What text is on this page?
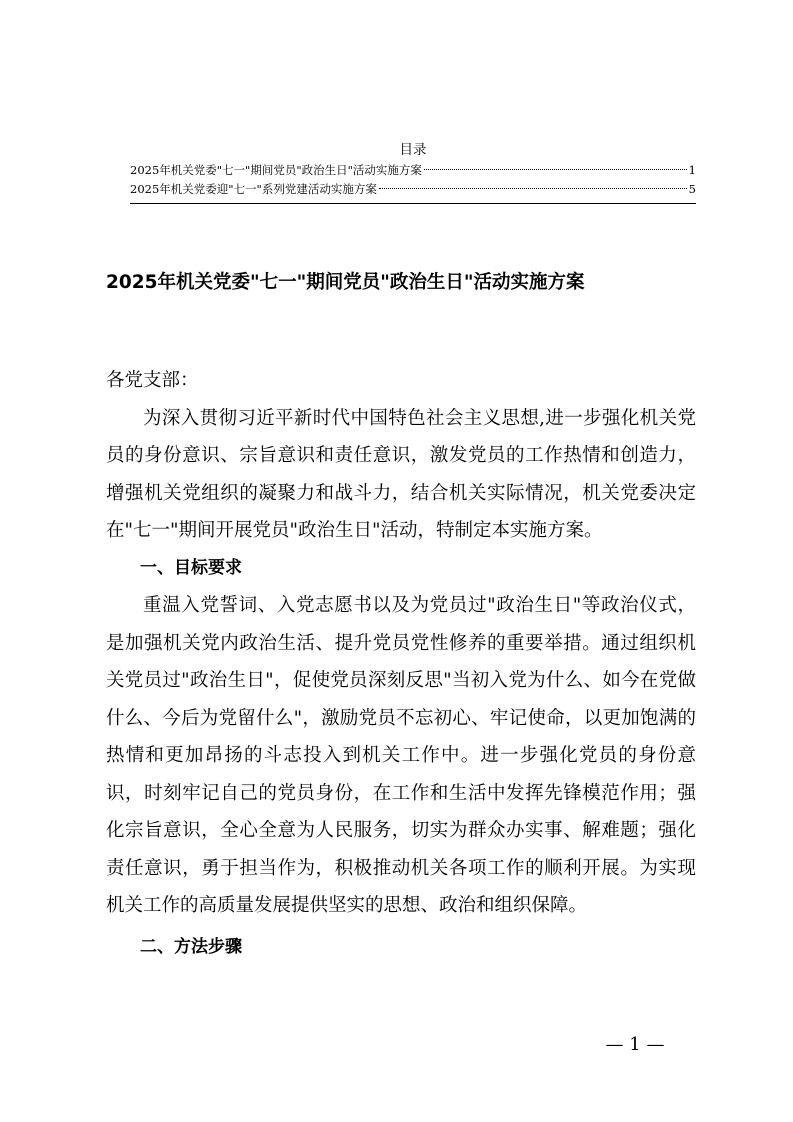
目录
2025年机关党委"七一"期间党员"政治生日"活动实施方案	1
2025年机关党委迎"七一"系列党建活动实施方案	5
2025年机关党委"七一"期间党员"政治生日"活动实施方案

各党支部：

为深入贯彻习近平新时代中国特色社会主义思想,进一步强化机关党员的身份意识、宗旨意识和责任意识，激发党员的工作热情和创造力，增强机关党组织的凝聚力和战斗力，结合机关实际情况，机关党委决定在"七一"期间开展党员"政治生日"活动，特制定本实施方案。

一、目标要求

重温入党誓词、入党志愿书以及为党员过"政治生日"等政治仪式，是加强机关党内政治生活、提升党员党性修养的重要举措。通过组织机关党员过"政治生日"，促使党员深刻反思"当初入党为什么、如今在党做什么、今后为党留什么"，激励党员不忘初心、牢记使命，以更加饱满的热情和更加昂扬的斗志投入到机关工作中。进一步强化党员的身份意识，时刻牢记自己的党员身份，在工作和生活中发挥先锋模范作用；强化宗旨意识，全心全意为人民服务，切实为群众办实事、解难题；强化责任意识，勇于担当作为，积极推动机关各项工作的顺利开展。为实现机关工作的高质量发展提供坚实的思想、政治和组织保障。

二、方法步骤

— 1 —
